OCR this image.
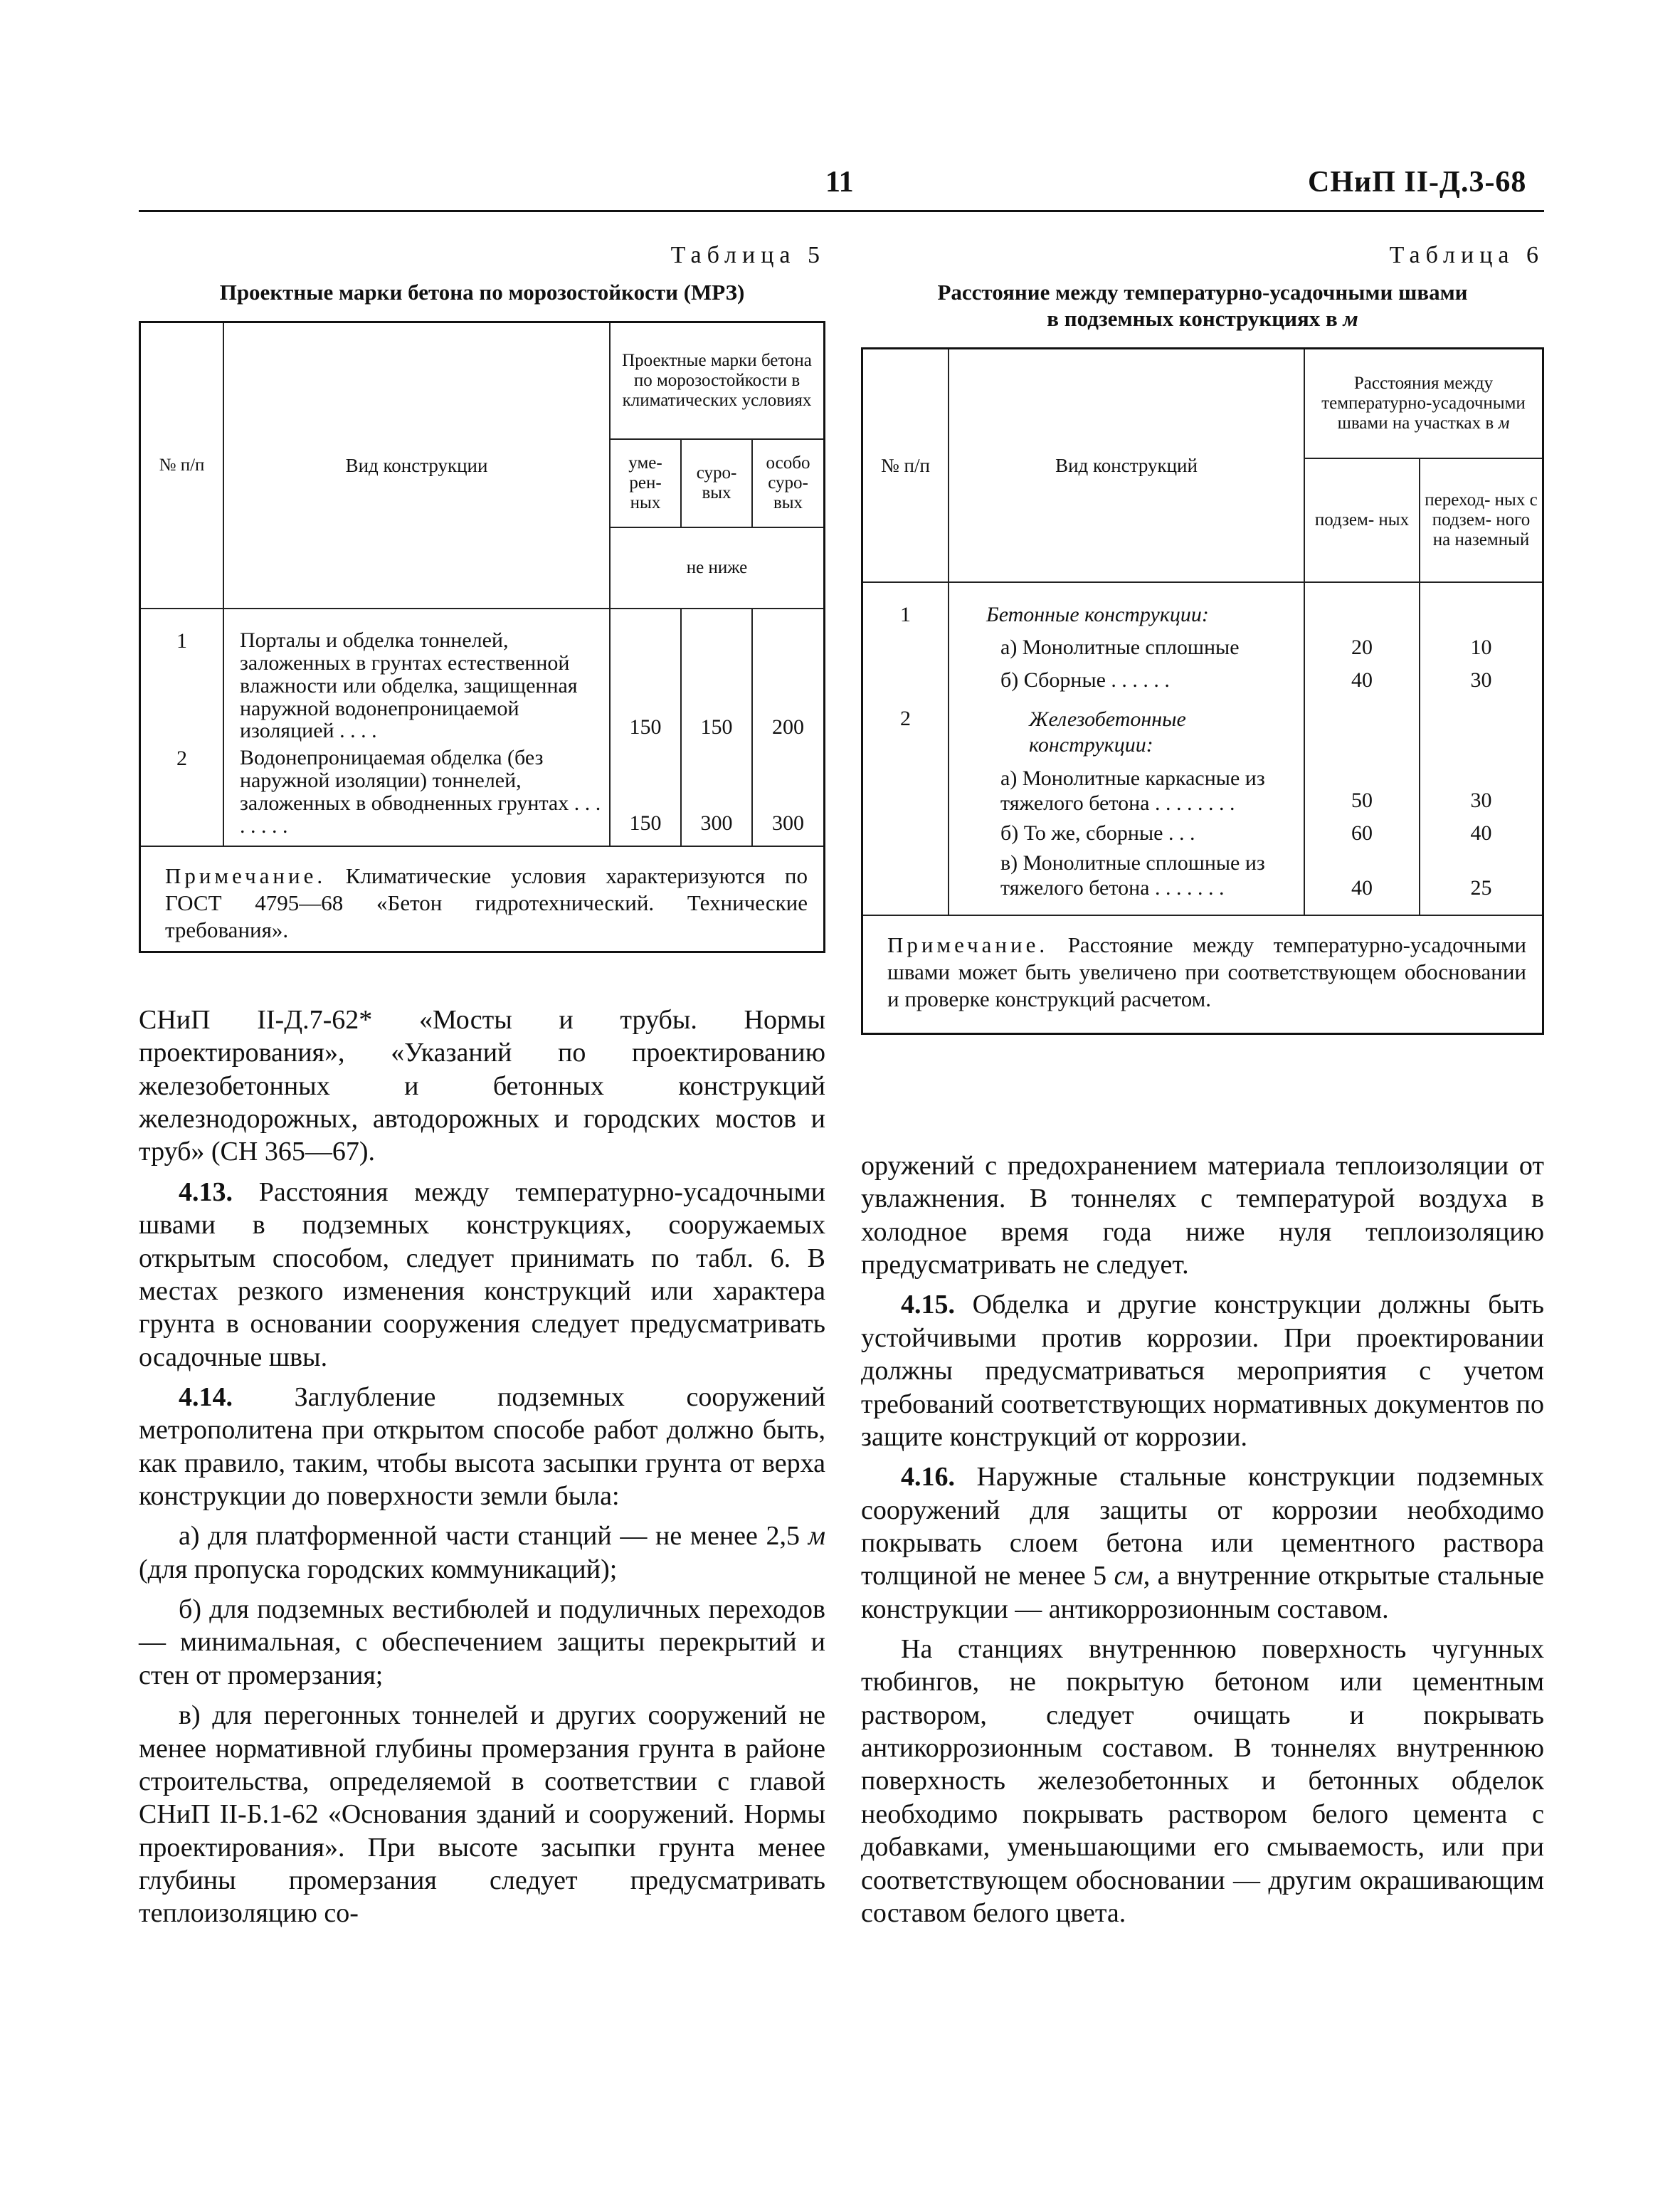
11	СНиП II-Д.3-68
Таблица 5
Проектные марки бетона по морозостойкости (МРЗ)
№ п/п	Вид конструкции	Проектные марки бетона по морозостойкости в климатических условиях		
		уме- рен- ных	суро- вых	особо суро- вых
		не ниже		
1	Порталы и обделка тоннелей, заложенных в грунтах естественной влажности или обделка, защищенная наружной водонепроницаемой изоляцией . . . .	150	150	200
2	Водонепроницаемая обделка (без наружной изоляции) тоннелей, заложенных в обводненных грунтах . . . . . . . .	150	300	300

Примечание. Климатические условия характеризуются по ГОСТ 4795—68 «Бетон гидротехнический. Технические требования».				
Таблица 6
Расстояние между температурно-усадочными швами
в подземных конструкциях в м
№ п/п	Вид конструкций	Расстояния между температурно-усадочными швами на участках в м	
		подзем- ных	переход- ных с подзем- ного на наземный
1	Бетонные конструкции:		
	а) Монолитные сплошные	20	10
	б) Сборные . . . . . .	40	30
2	Железобетонные конструкции:		
	а) Монолитные каркасные из тяжелого бетона . . . . . . . .	50	30
	б) То же, сборные . . .	60	40
	в) Монолитные сплошные из тяжелого бетона . . . . . . .	40	25

Примечание. Расстояние между температурно-усадочными швами может быть увеличено при соответствующем обосновании и проверке конструкций расчетом.			

СНиП II-Д.7-62* «Мосты и трубы. Нормы проектирования», «Указаний по проектированию железобетонных и бетонных конструкций железнодорожных, автодорожных и городских мостов и труб» (СН 365—67).

4.13. Расстояния между температурно-усадочными швами в подземных конструкциях, сооружаемых открытым способом, следует принимать по табл. 6. В местах резкого изменения конструкций или характера грунта в основании сооружения следует предусматривать осадочные швы.

4.14. Заглубление подземных сооружений метрополитена при открытом способе работ должно быть, как правило, таким, чтобы высота засыпки грунта от верха конструкции до поверхности земли была:

а) для платформенной части станций — не менее 2,5 м (для пропуска городских коммуникаций);

б) для подземных вестибюлей и подуличных переходов — минимальная, с обеспечением защиты перекрытий и стен от промерзания;

в) для перегонных тоннелей и других сооружений не менее нормативной глубины промерзания грунта в районе строительства, определяемой в соответствии с главой СНиП II-Б.1-62 «Основания зданий и сооружений. Нормы проектирования». При высоте засыпки грунта менее глубины промерзания следует предусматривать теплоизоляцию со-

оружений с предохранением материала теплоизоляции от увлажнения. В тоннелях с температурой воздуха в холодное время года ниже нуля теплоизоляцию предусматривать не следует.

4.15. Обделка и другие конструкции должны быть устойчивыми против коррозии. При проектировании должны предусматриваться мероприятия с учетом требований соответствующих нормативных документов по защите конструкций от коррозии.

4.16. Наружные стальные конструкции подземных сооружений для защиты от коррозии необходимо покрывать слоем бетона или цементного раствора толщиной не менее 5 см, а внутренние открытые стальные конструкции — антикоррозионным составом.

На станциях внутреннюю поверхность чугунных тюбингов, не покрытую бетоном или цементным раствором, следует очищать и покрывать антикоррозионным составом. В тоннелях внутреннюю поверхность железобетонных и бетонных обделок необходимо покрывать раствором белого цемента с добавками, уменьшающими его смываемость, или при соответствующем обосновании — другим окрашивающим составом белого цвета.
